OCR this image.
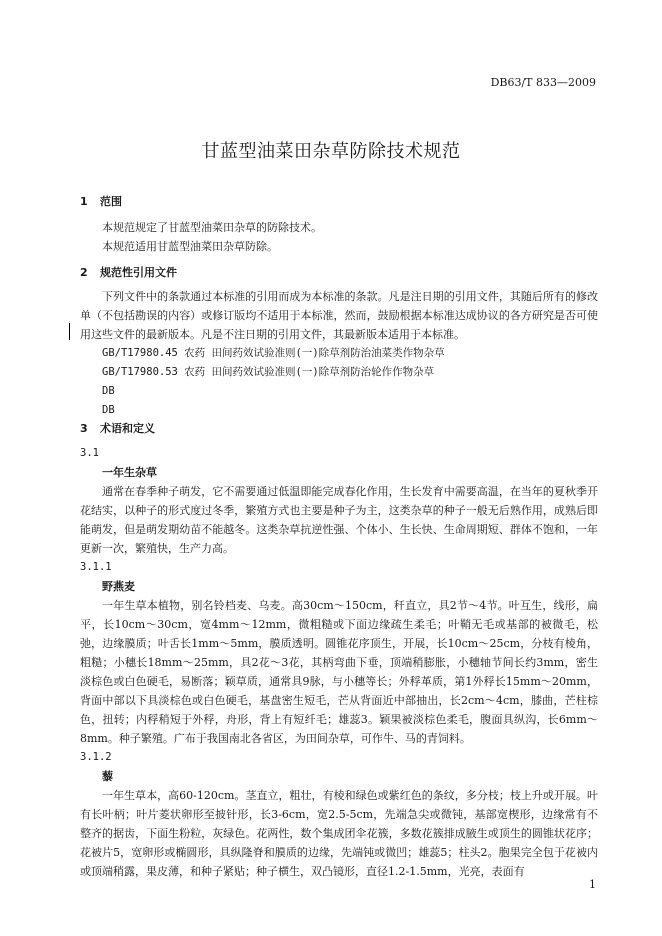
DB63/T 833—2009
甘蓝型油菜田杂草防除技术规范
1 范围
本规范规定了甘蓝型油菜田杂草的防除技术。
本规范适用甘蓝型油菜田杂草防除。
2 规范性引用文件
下列文件中的条款通过本标准的引用而成为本标准的条款。凡是注日期的引用文件，其随后所有的修改单（不包括勘误的内容）或修订版均不适用于本标准，然而，鼓励根据本标准达成协议的各方研究是否可使用这些文件的最新版本。凡是不注日期的引用文件，其最新版本适用于本标准。
GB/T17980.45 农药 田间药效试验准则(一)除草剂防治油菜类作物杂草
GB/T17980.53 农药 田间药效试验准则(一)除草剂防治轮作作物杂草
DB
DB
3 术语和定义
3.1
一年生杂草
通常在春季种子萌发，它不需要通过低温即能完成春化作用，生长发育中需要高温，在当年的夏秋季开花结实，以种子的形式度过冬季，繁殖方式也主要是种子为主，这类杂草的种子一般无后熟作用，成熟后即能萌发，但是萌发期幼苗不能越冬。这类杂草抗逆性强、个体小、生长快、生命周期短、群体不饱和，一年更新一次，繁殖快，生产力高。
3.1.1
野燕麦
一年生草本植物，别名铃档麦、乌麦。高30cm～150cm，秆直立，具2节～4节。叶互生，线形，扁平，长10cm～30cm，宽4mm～12mm，微粗糙或下面边缘疏生柔毛；叶鞘无毛或基部的被微毛，松弛，边缘膜质；叶舌长1mm～5mm，膜质透明。圆锥花序顶生，开展，长10cm～25cm，分枝有棱角，粗糙；小穗长18mm～25mm，具2花～3花，其柄弯曲下垂，顶端稍膨胀，小穗轴节间长约3mm，密生淡棕色或白色硬毛，易断落；颖草质，通常具9脉，与小穗等长；外稃革质，第1外稃长15mm～20mm，背面中部以下具淡棕色或白色硬毛，基盘密生短毛，芒从背面近中部抽出，长2cm～4cm，膝曲，芒柱棕色，扭转；内稃稍短于外稃，舟形，背上有短纤毛；雄蕊3。颖果被淡棕色柔毛，腹面具纵沟，长6mm～8mm。种子繁殖。广布于我国南北各省区，为田间杂草，可作牛、马的青饲料。
3.1.2
藜
一年生草本，高60-120cm。茎直立，粗壮，有棱和绿色或紫红色的条纹，多分枝；枝上升或开展。叶有长叶柄；叶片菱状卵形至披针形，长3-6cm，宽2.5-5cm，先端急尖或微钝，基部宽楔形，边缘常有不整齐的据齿，下面生粉粒，灰绿色。花两性，数个集成团伞花簇，多数花簇排成腋生或顶生的圆锥状花序；花被片5，宽卵形或椭圆形，具纵隆脊和膜质的边缘，先端钝或微凹；雄蕊5；柱头2。胞果完全包于花被内或顶端稍露，果皮薄，和种子紧贴；种子横生，双凸镜形，直径1.2-1.5mm，光亮，表面有
1
